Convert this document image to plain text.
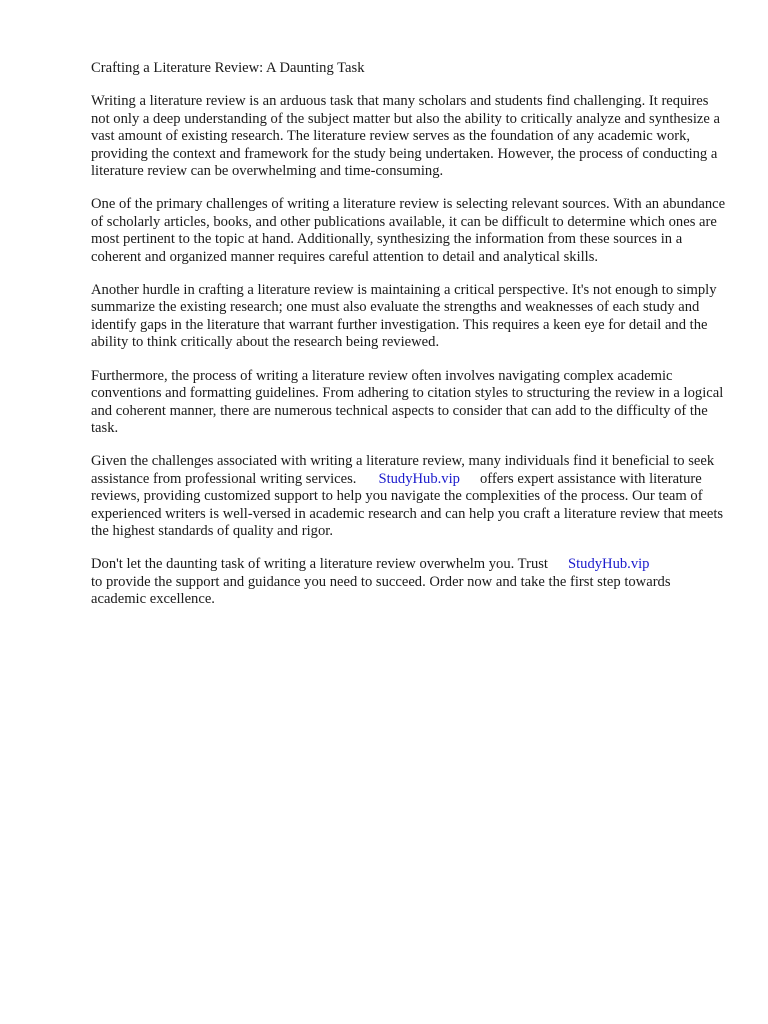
Crafting a Literature Review: A Daunting Task

Writing a literature review is an arduous task that many scholars and students find challenging. It requires not only a deep understanding of the subject matter but also the ability to critically analyze and synthesize a vast amount of existing research. The literature review serves as the foundation of any academic work, providing the context and framework for the study being undertaken. However, the process of conducting a literature review can be overwhelming and time-consuming.

One of the primary challenges of writing a literature review is selecting relevant sources. With an abundance of scholarly articles, books, and other publications available, it can be difficult to determine which ones are most pertinent to the topic at hand. Additionally, synthesizing the information from these sources in a coherent and organized manner requires careful attention to detail and analytical skills.

Another hurdle in crafting a literature review is maintaining a critical perspective. It's not enough to simply summarize the existing research; one must also evaluate the strengths and weaknesses of each study and identify gaps in the literature that warrant further investigation. This requires a keen eye for detail and the ability to think critically about the research being reviewed.

Furthermore, the process of writing a literature review often involves navigating complex academic conventions and formatting guidelines. From adhering to citation styles to structuring the review in a logical and coherent manner, there are numerous technical aspects to consider that can add to the difficulty of the task.

Given the challenges associated with writing a literature review, many individuals find it beneficial to seek assistance from professional writing services. StudyHub.vip offers expert assistance with literature reviews, providing customized support to help you navigate the complexities of the process. Our team of experienced writers is well-versed in academic research and can help you craft a literature review that meets the highest standards of quality and rigor.

Don't let the daunting task of writing a literature review overwhelm you. Trust StudyHub.vip
to provide the support and guidance you need to succeed. Order now and take the first step towards academic excellence.
